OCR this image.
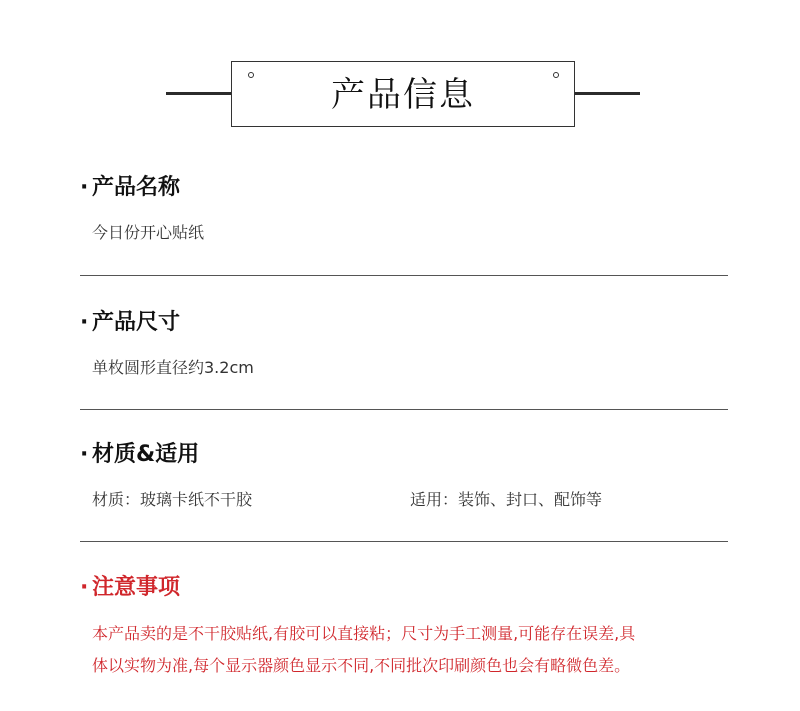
产品信息
· 产品名称
今日份开心贴纸
· 产品尺寸
单枚圆形直径约3.2cm
· 材质&适用
材质：玻璃卡纸不干胶	适用：装饰、封口、配饰等
· 注意事项
本产品卖的是不干胶贴纸,有胶可以直接粘；尺寸为手工测量,可能存在误差,具
体以实物为准,每个显示器颜色显示不同,不同批次印刷颜色也会有略微色差。
